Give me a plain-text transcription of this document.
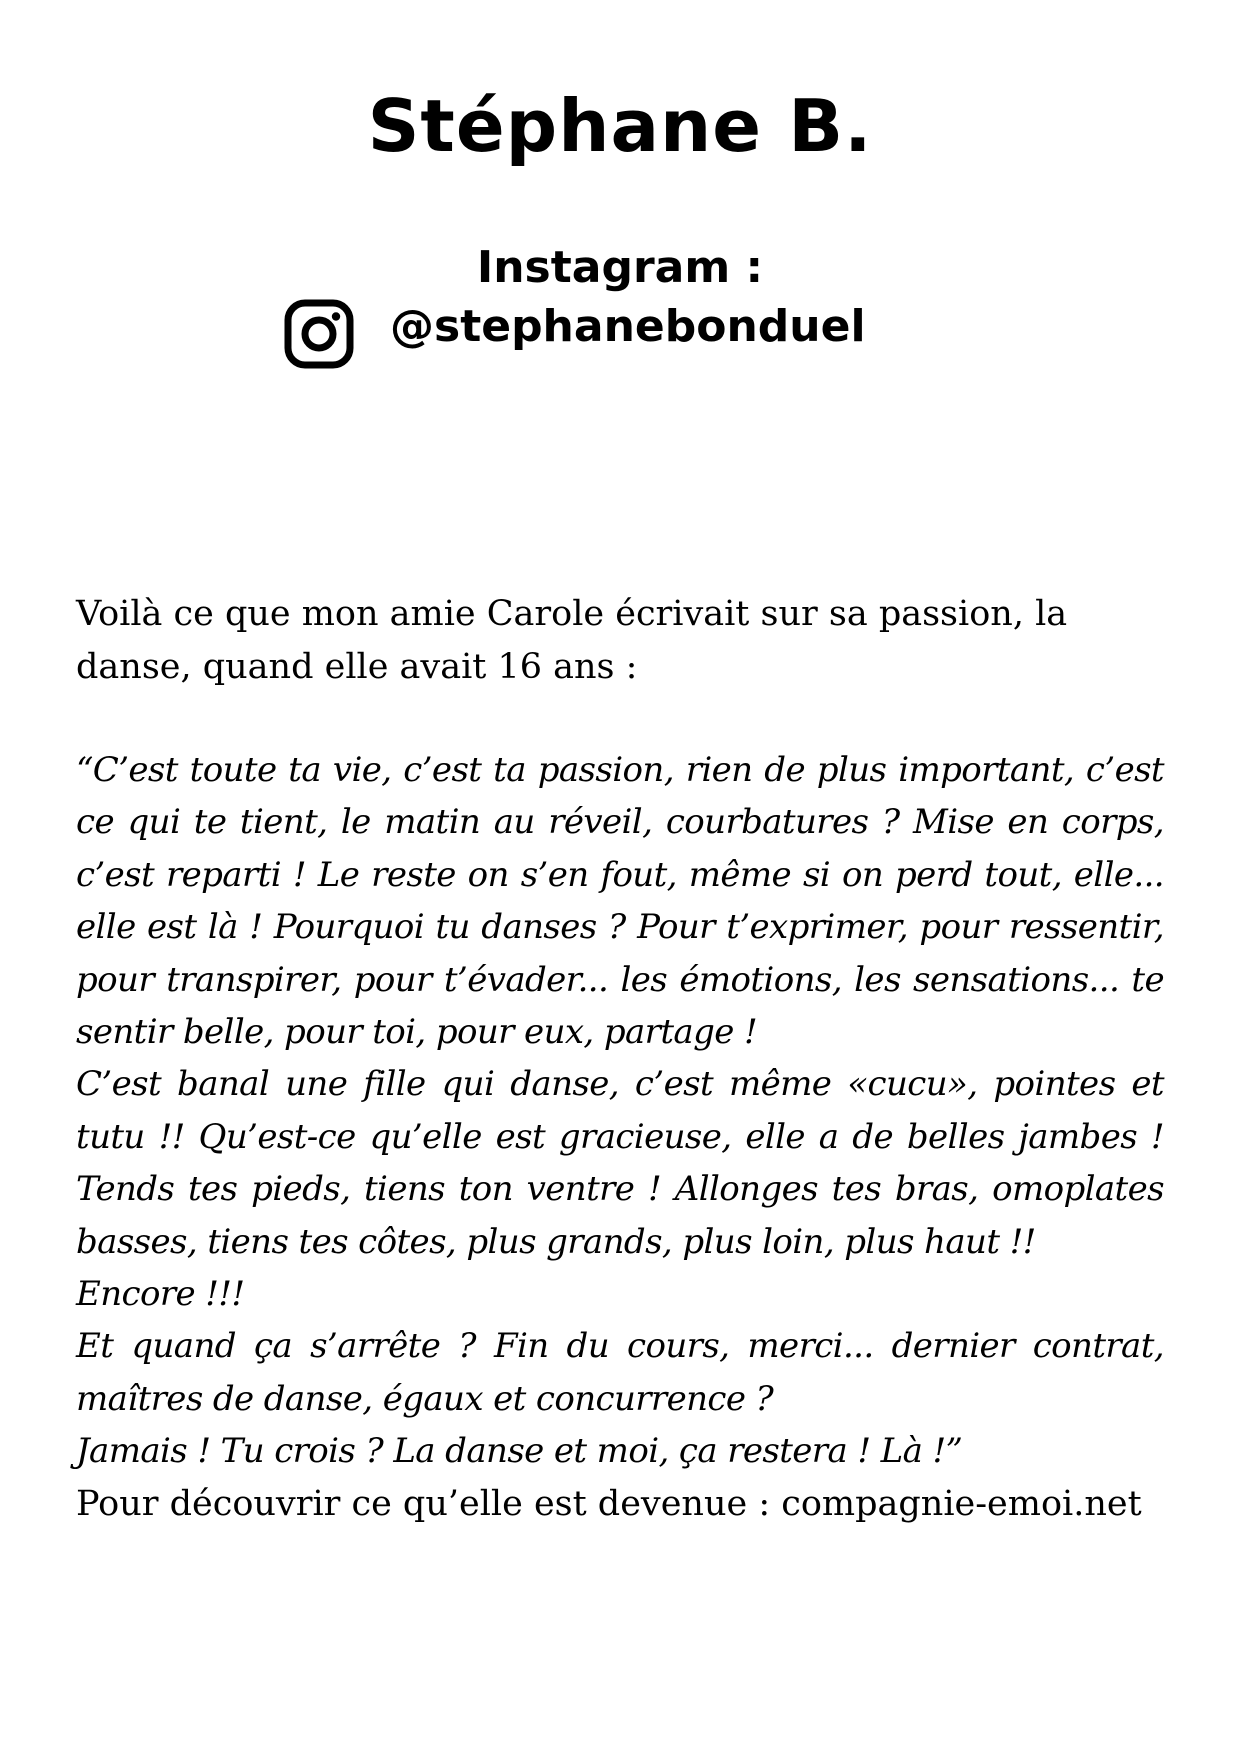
Stéphane B.
Instagram :
@stephanebonduel
Voilà ce que mon amie Carole écrivait sur sa passion, la danse, quand elle avait 16 ans :

“C’est toute ta vie, c’est ta passion, rien de plus important, c’est ce qui te tient, le matin au réveil, courbatures ? Mise en corps, c’est reparti ! Le reste on s’en fout, même si on perd tout, elle... elle est là ! Pourquoi tu danses ? Pour t’exprimer, pour ressentir, pour transpirer, pour t’évader... les émotions, les sensations... te sentir belle, pour toi, pour eux, partage !

C’est banal une fille qui danse, c’est même «cucu», pointes et tutu !! Qu’est-ce qu’elle est gracieuse, elle a de belles jambes ! Tends tes pieds, tiens ton ventre ! Allonges tes bras, omoplates basses, tiens tes côtes, plus grands, plus loin, plus haut !!

Encore !!!

Et quand ça s’arrête ? Fin du cours, merci... dernier contrat, maîtres de danse, égaux et concurrence ?

Jamais ! Tu crois ? La danse et moi, ça restera ! Là !”

Pour découvrir ce qu’elle est devenue : compagnie-emoi.net
